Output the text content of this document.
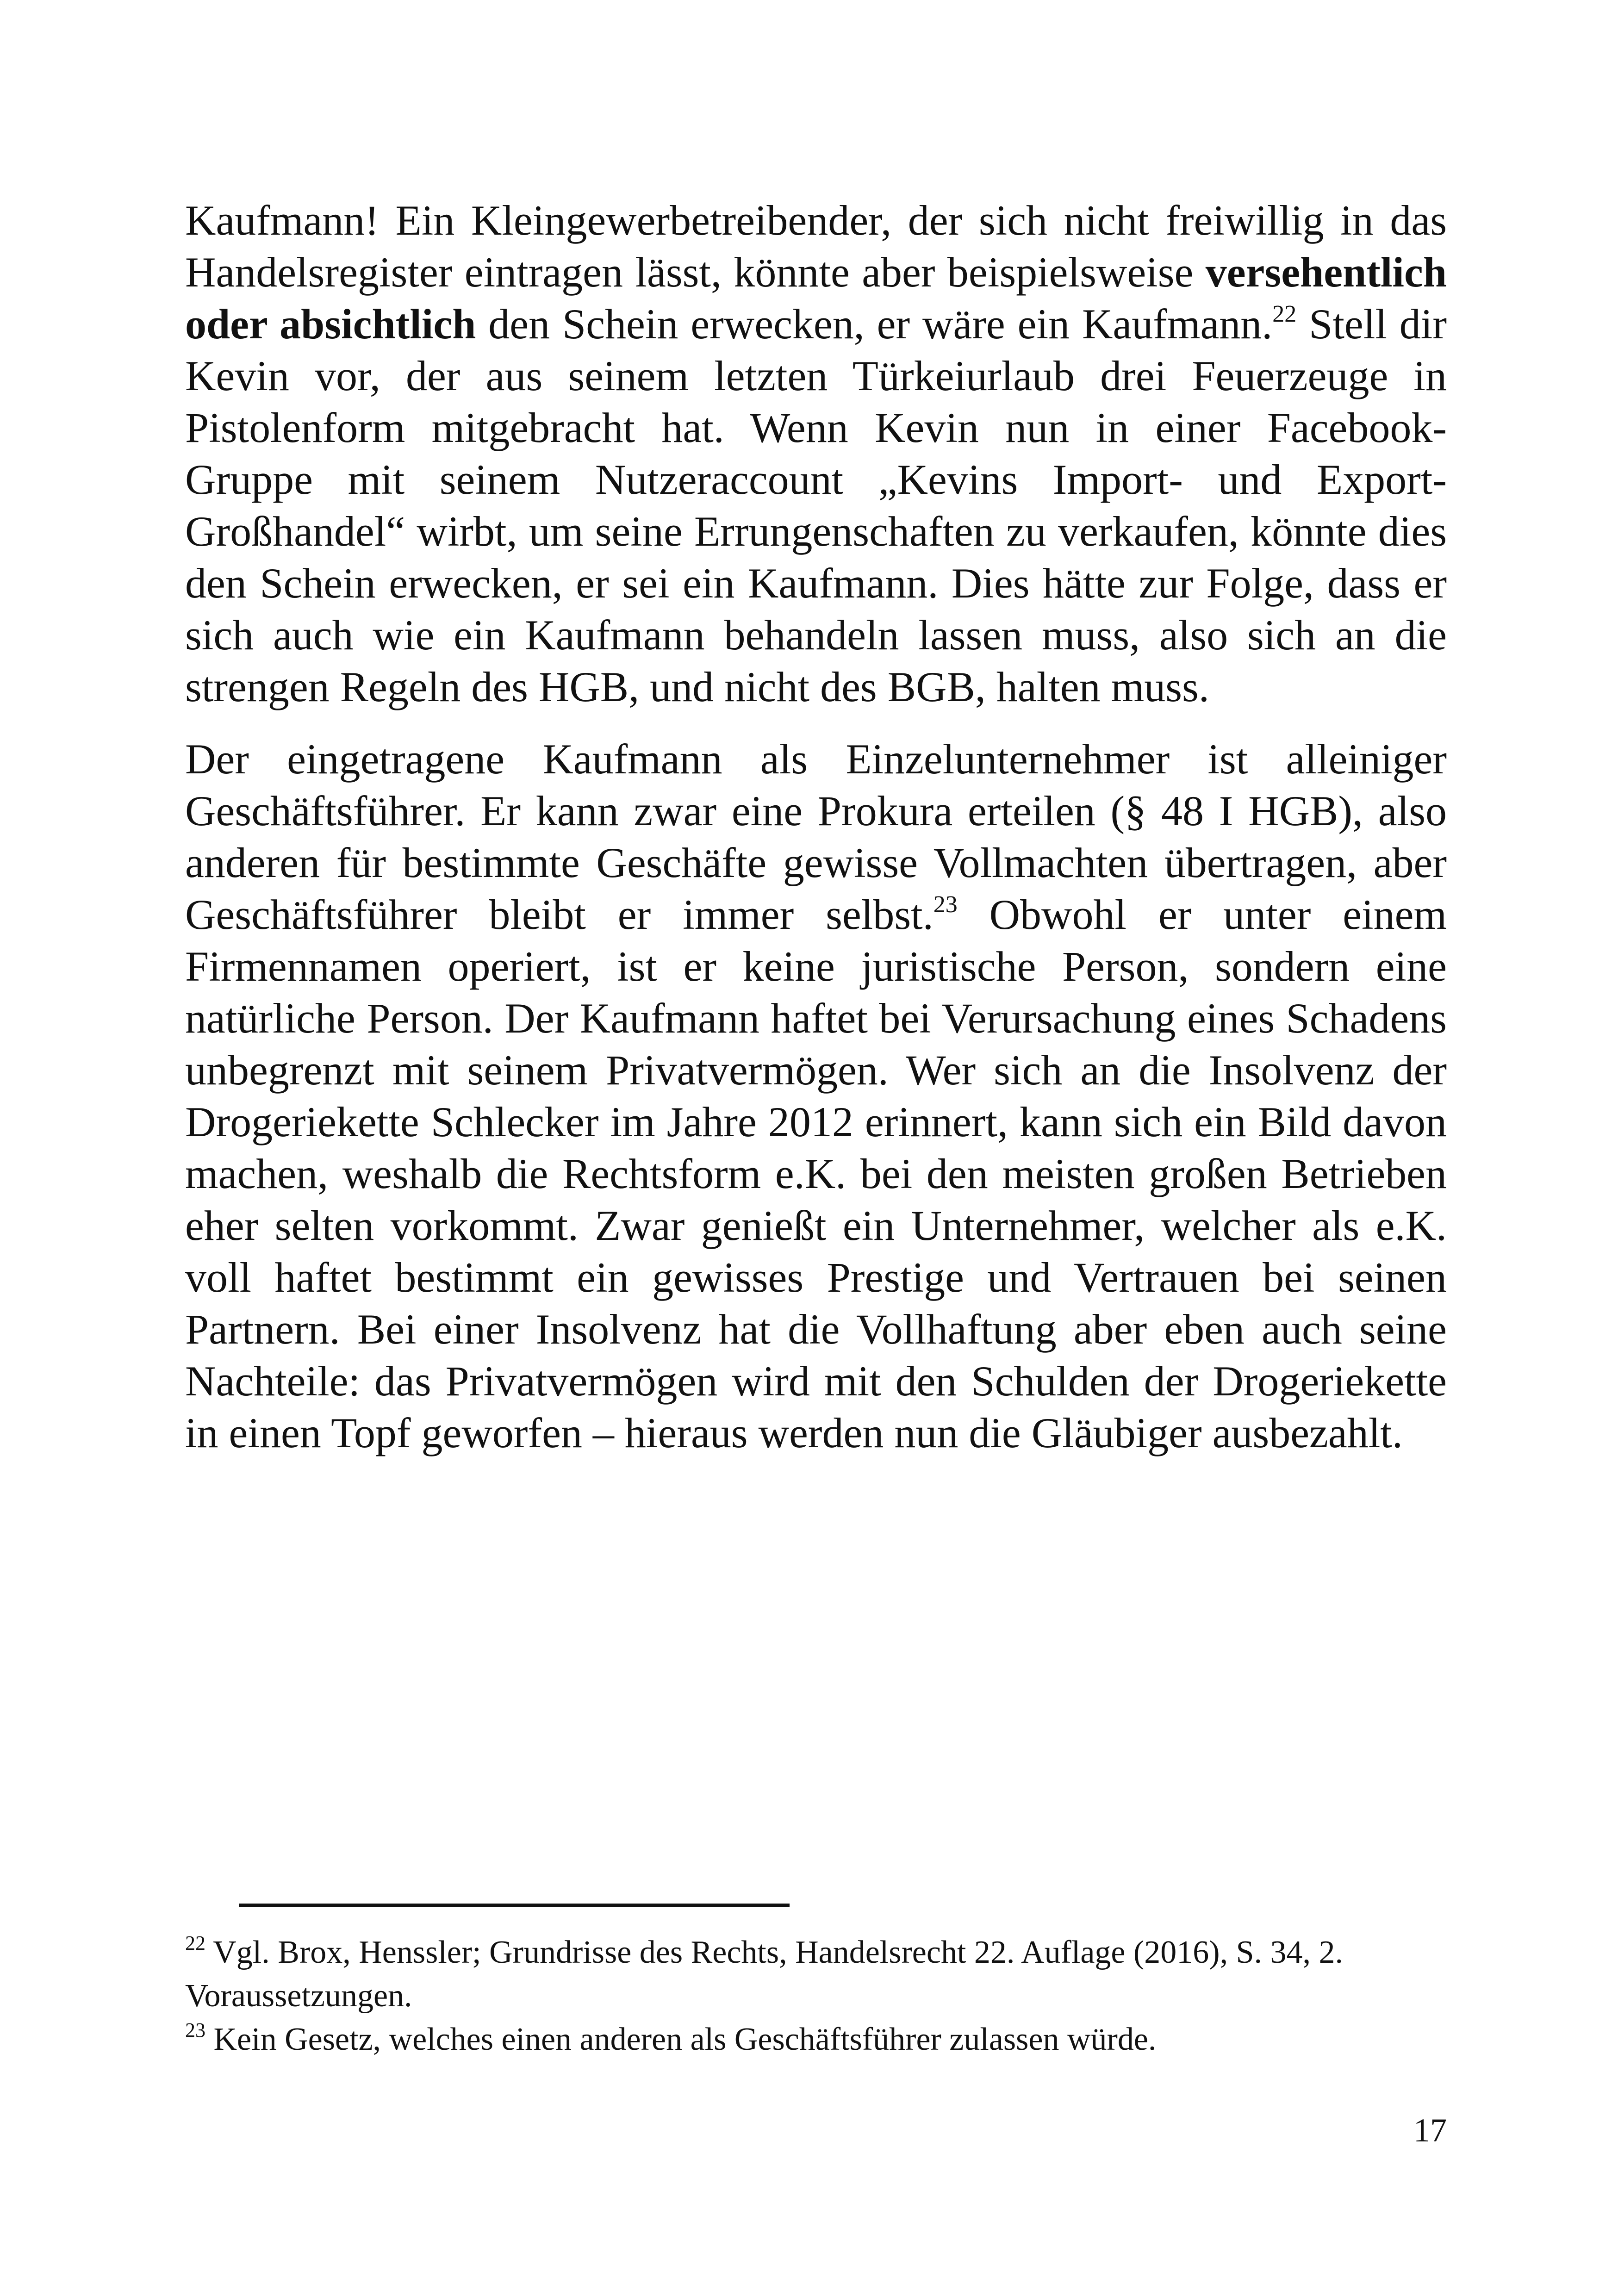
Kaufmann! Ein Kleingewerbetreibender, der sich nicht freiwillig in das Handelsregister eintragen lässt, könnte aber beispielsweise versehentlich oder absichtlich den Schein erwecken, er wäre ein Kaufmann.$^{22}$ Stell dir Kevin vor, der aus seinem letzten Türkeiurlaub drei Feuerzeuge in Pistolenform mitgebracht hat. Wenn Kevin nun in einer Facebook-Gruppe mit seinem Nutzeraccount „Kevins Import- und Export-Großhandel“ wirbt, um seine Errungenschaften zu verkaufen, könnte dies den Schein erwecken, er sei ein Kaufmann. Dies hätte zur Folge, dass er sich auch wie ein Kaufmann behandeln lassen muss, also sich an die strengen Regeln des HGB, und nicht des BGB, halten muss.

Der eingetragene Kaufmann als Einzelunternehmer ist alleiniger Geschäftsführer. Er kann zwar eine Prokura erteilen (§ 48 I HGB), also anderen für bestimmte Geschäfte gewisse Vollmachten übertragen, aber Geschäftsführer bleibt er immer selbst.$^{23}$ Obwohl er unter einem Firmennamen operiert, ist er keine juristische Person, sondern eine natürliche Person. Der Kaufmann haftet bei Verursachung eines Schadens unbegrenzt mit seinem Privatvermögen. Wer sich an die Insolvenz der Drogeriekette Schlecker im Jahre 2012 erinnert, kann sich ein Bild davon machen, weshalb die Rechtsform e.K. bei den meisten großen Betrieben eher selten vorkommt. Zwar genießt ein Unternehmer, welcher als e.K. voll haftet bestimmt ein gewisses Prestige und Vertrauen bei seinen Partnern. Bei einer Insolvenz hat die Vollhaftung aber eben auch seine Nachteile: das Privatvermögen wird mit den Schulden der Drogeriekette in einen Topf geworfen – hieraus werden nun die Gläubiger ausbezahlt.

$^{22}$ Vgl. Brox, Henssler; Grundrisse des Rechts, Handelsrecht 22. Auflage (2016), S. 34, 2. Voraussetzungen.

$^{23}$ Kein Gesetz, welches einen anderen als Geschäftsführer zulassen würde.

17
